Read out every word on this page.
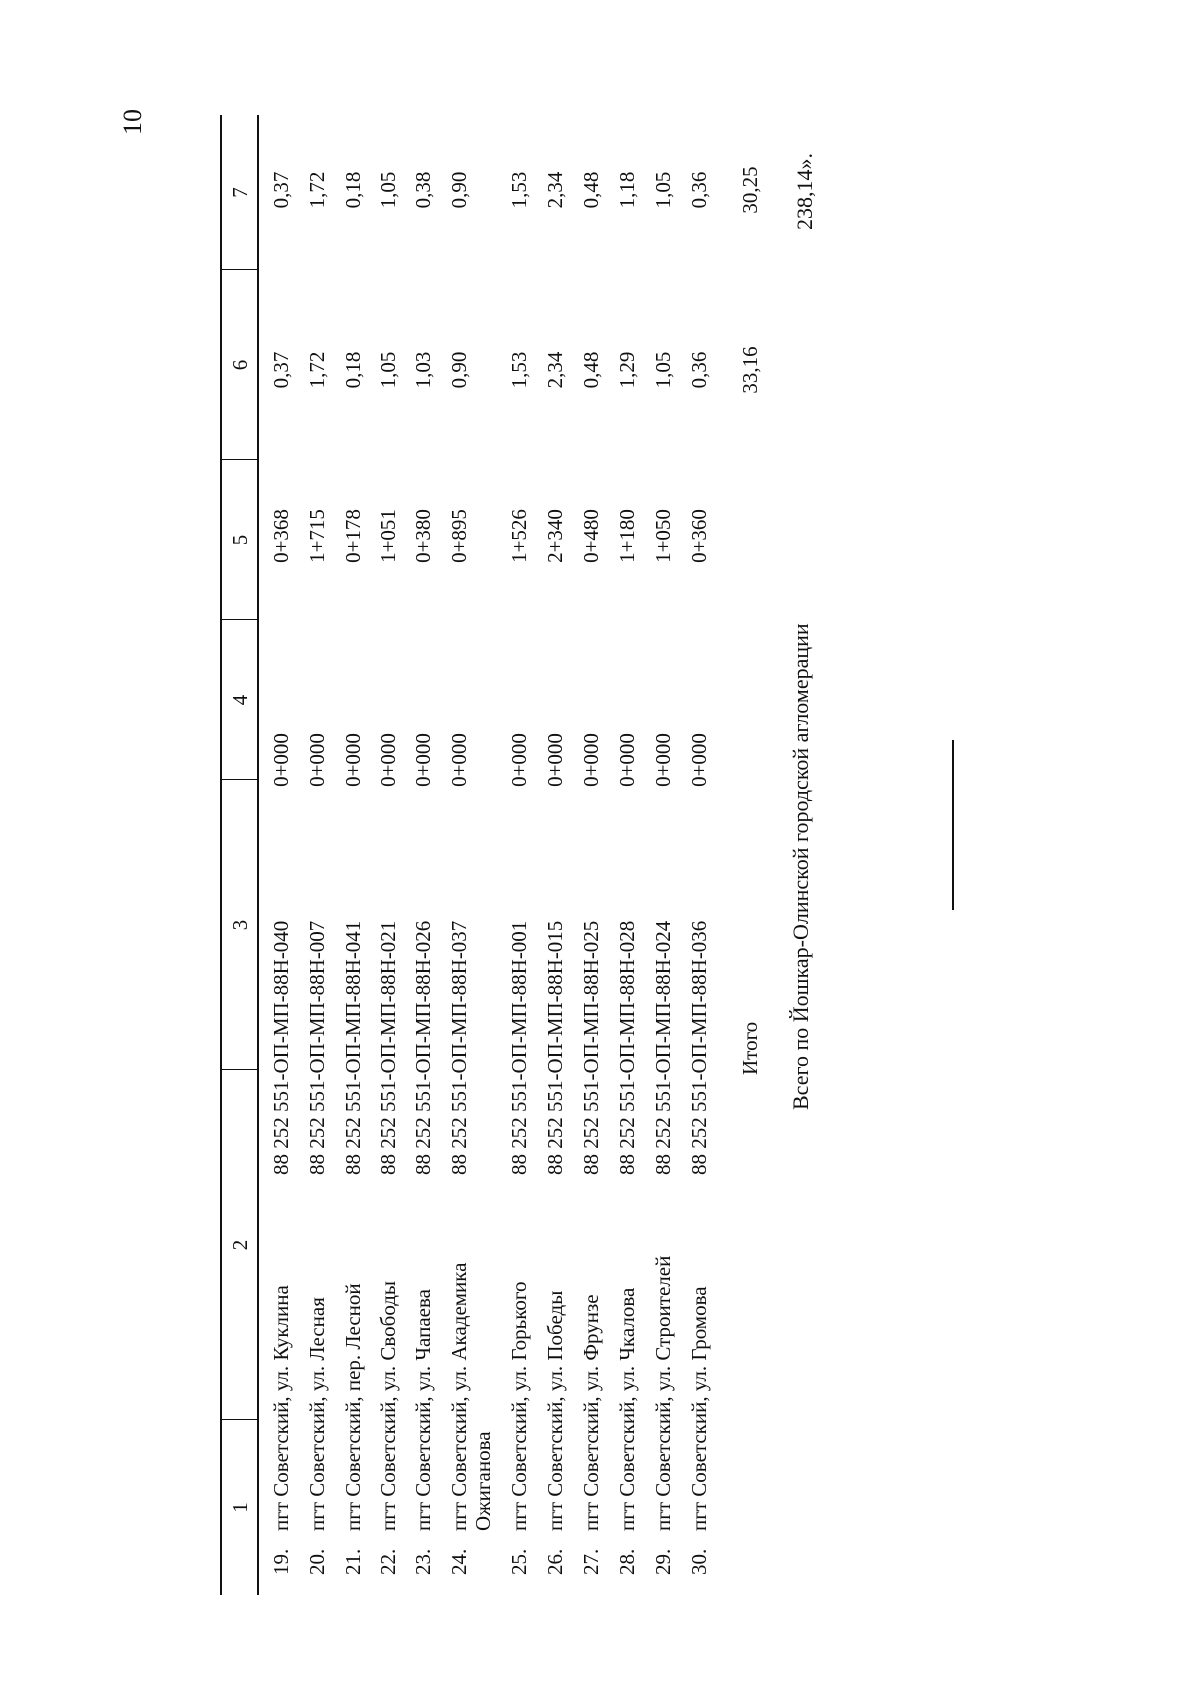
10
1
2
3
4
5
6
7
19.
пгт Советский, ул. Куклина
88 252 551-ОП-МП-88Н-040
0+000
0+368
0,37
0,37
20.
пгт Советский, ул. Лесная
88 252 551-ОП-МП-88Н-007
0+000
1+715
1,72
1,72
21.
пгт Советский, пер. Лесной
88 252 551-ОП-МП-88Н-041
0+000
0+178
0,18
0,18
22.
пгт Советский, ул. Свободы
88 252 551-ОП-МП-88Н-021
0+000
1+051
1,05
1,05
23.
пгт Советский, ул. Чапаева
88 252 551-ОП-МП-88Н-026
0+000
0+380
1,03
0,38
24.
пгт Советский, ул. Академика
88 252 551-ОП-МП-88Н-037
0+000
0+895
0,90
0,90
Ожиганова
25.
пгт Советский, ул. Горького
88 252 551-ОП-МП-88Н-001
0+000
1+526
1,53
1,53
26.
пгт Советский, ул. Победы
88 252 551-ОП-МП-88Н-015
0+000
2+340
2,34
2,34
27.
пгт Советский, ул. Фрунзе
88 252 551-ОП-МП-88Н-025
0+000
0+480
0,48
0,48
28.
пгт Советский, ул. Чкалова
88 252 551-ОП-МП-88Н-028
0+000
1+180
1,29
1,18
29.
пгт Советский, ул. Строителей
88 252 551-ОП-МП-88Н-024
0+000
1+050
1,05
1,05
30.
пгт Советский, ул. Громова
88 252 551-ОП-МП-88Н-036
0+000
0+360
0,36
0,36
Итого
33,16
30,25
Всего по Йошкар-Олинской городской агломерации
238,14».
